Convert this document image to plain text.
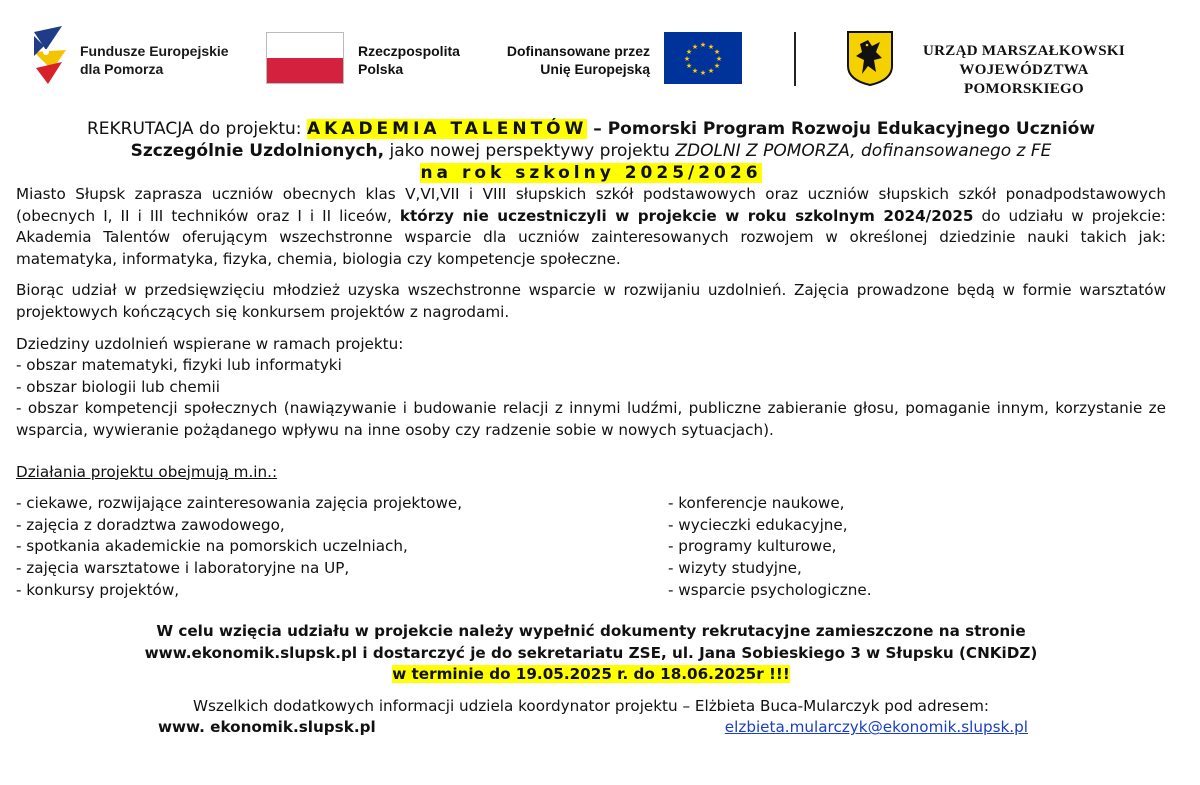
Fundusze Europejskie
dla Pomorza
Rzeczpospolita
Polska
Dofinansowane przez
Unię Europejską
★ ★
★
★
★
★
★
★
★
★
★
★	URZĄD MARSZAŁKOWSKI
WOJEWÓDZTWA POMORSKIEGO

REKRUTACJA do projektu: AKADEMIA TALENTÓW – Pomorski Program Rozwoju Edukacyjnego Uczniów

Szczególnie Uzdolnionych, jako nowej perspektywy projektu ZDOLNI Z POMORZA, dofinansowanego z FE

na rok szkolny 2025/2026

Miasto Słupsk zaprasza uczniów obecnych klas V,VI,VII i VIII słupskich szkół podstawowych oraz uczniów słupskich szkół ponadpodstawowych (obecnych I, II i III techników oraz I i II liceów, którzy nie uczestniczyli w projekcie w roku szkolnym 2024/2025 do udziału w projekcie: Akademia Talentów oferującym wszechstronne wsparcie dla uczniów zainteresowanych rozwojem w określonej dziedzinie nauki takich jak: matematyka, informatyka, fizyka, chemia, biologia czy kompetencje społeczne.

Biorąc udział w przedsięwzięciu młodzież uzyska wszechstronne wsparcie w rozwijaniu uzdolnień. Zajęcia prowadzone będą w formie warsztatów projektowych kończących się konkursem projektów z nagrodami.

Dziedziny uzdolnień wspierane w ramach projektu:

- obszar matematyki, fizyki lub informatyki

- obszar biologii lub chemii

- obszar kompetencji społecznych (nawiązywanie i budowanie relacji z innymi ludźmi, publiczne zabieranie głosu, pomaganie innym, korzystanie ze wsparcia, wywieranie pożądanego wpływu na inne osoby czy radzenie sobie w nowych sytuacjach).

Działania projektu obejmują m.in.:

- ciekawe, rozwijające zainteresowania zajęcia projektowe,

- zajęcia z doradztwa zawodowego,

- spotkania akademickie na pomorskich uczelniach,

- zajęcia warsztatowe i laboratoryjne na UP,

- konkursy projektów,

- konferencje naukowe,

- wycieczki edukacyjne,

- programy kulturowe,

- wizyty studyjne,

- wsparcie psychologiczne.

W celu wzięcia udziału w projekcie należy wypełnić dokumenty rekrutacyjne zamieszczone na stronie

www.ekonomik.slupsk.pl i dostarczyć je do sekretariatu ZSE, ul. Jana Sobieskiego 3 w Słupsku (CNKiDZ)

w terminie do 19.05.2025 r. do 18.06.2025r !!!

Wszelkich dodatkowych informacji udziela koordynator projektu – Elżbieta Buca-Mularczyk pod adresem:

www. ekonomik.slupsk.pl	elzbieta.mularczyk@ekonomik.slupsk.pl
